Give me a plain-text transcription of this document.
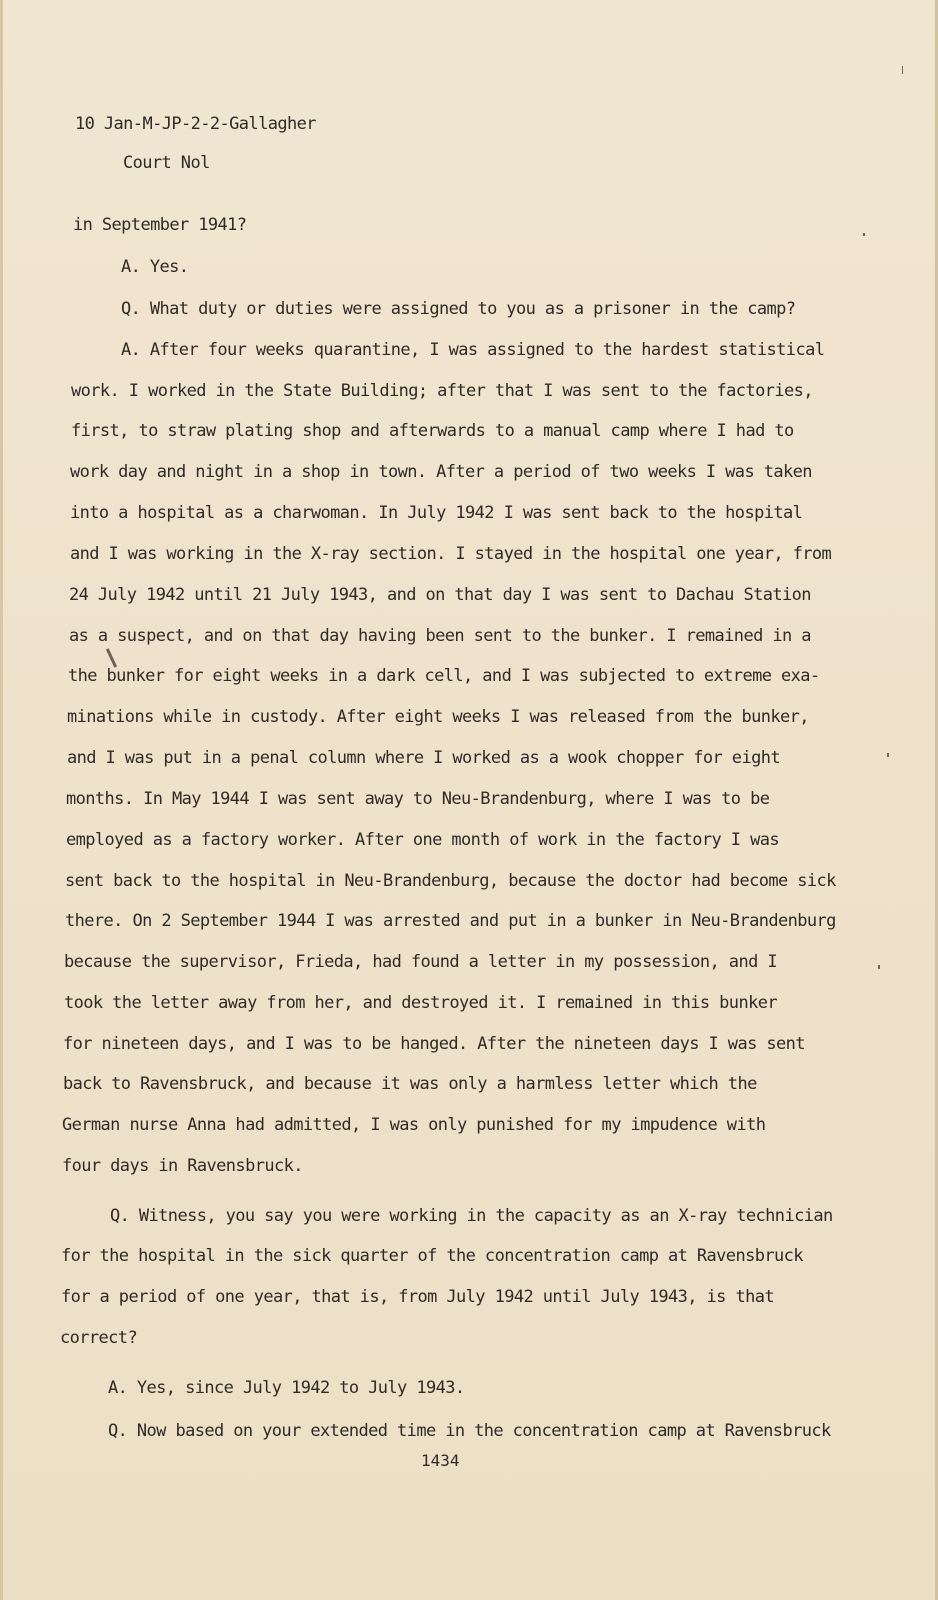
10 Jan-M-JP-2-2-Gallagher
Court Nol
in September 1941?
A. Yes.
Q. What duty or duties were assigned to you as a prisoner in the camp?
A. After four weeks quarantine, I was assigned to the hardest statistical
work. I worked in the State Building; after that I was sent to the factories,
first, to straw plating shop and afterwards to a manual camp where I had to
work day and night in a shop in town. After a period of two weeks I was taken
into a hospital as a charwoman. In July 1942 I was sent back to the hospital
and I was working in the X-ray section. I stayed in the hospital one year, from
24 July 1942 until 21 July 1943, and on that day I was sent to Dachau Station
as a suspect, and on that day having been sent to the bunker. I remained in a
the bunker for eight weeks in a dark cell, and I was subjected to extreme exa-
minations while in custody. After eight weeks I was released from the bunker,
and I was put in a penal column where I worked as a wook chopper for eight
months. In May 1944 I was sent away to Neu-Brandenburg, where I was to be
employed as a factory worker. After one month of work in the factory I was
sent back to the hospital in Neu-Brandenburg, because the doctor had become sick
there. On 2 September 1944 I was arrested and put in a bunker in Neu-Brandenburg
because the supervisor, Frieda, had found a letter in my possession, and I
took the letter away from her, and destroyed it. I remained in this bunker
for nineteen days, and I was to be hanged. After the nineteen days I was sent
back to Ravensbruck, and because it was only a harmless letter which the
German nurse Anna had admitted, I was only punished for my impudence with
four days in Ravensbruck.
Q. Witness, you say you were working in the capacity as an X-ray technician
for the hospital in the sick quarter of the concentration camp at Ravensbruck
for a period of one year, that is, from July 1942 until July 1943, is that
correct?
A. Yes, since July 1942 to July 1943.
Q. Now based on your extended time in the concentration camp at Ravensbruck
1434
